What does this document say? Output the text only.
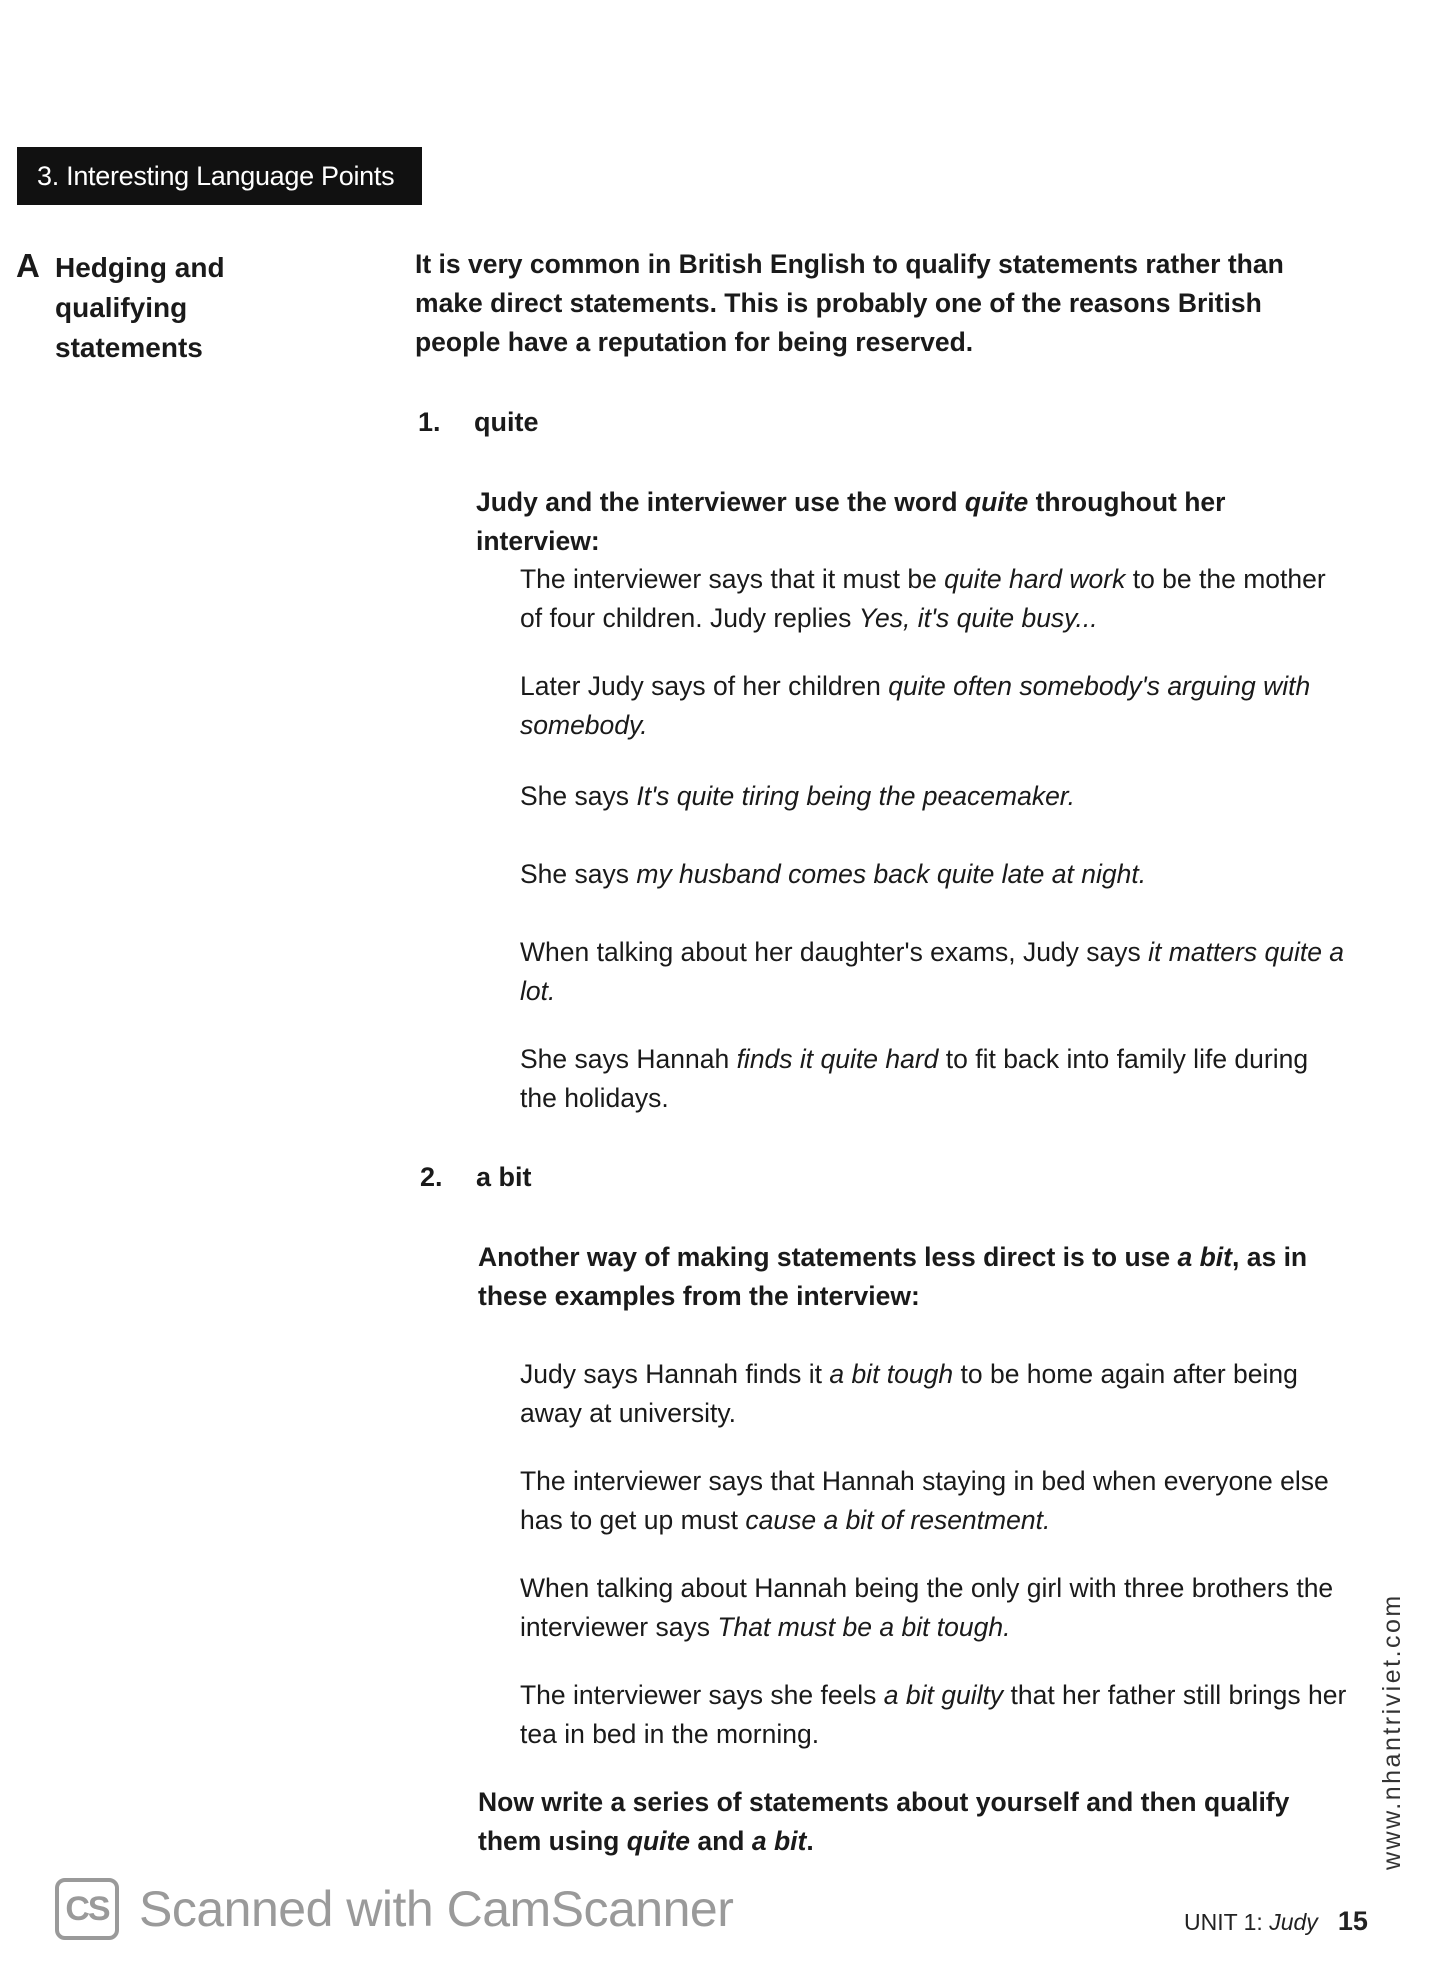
3. Interesting Language Points
A Hedging and
qualifying
statements

It is very common in British English to qualify statements rather than make direct statements. This is probably one of the reasons British people have a reputation for being reserved.

1. quite

Judy and the interviewer use the word quite throughout her interview:

The interviewer says that it must be quite hard work to be the mother of four children. Judy replies Yes, it's quite busy...

Later Judy says of her children quite often somebody's arguing with somebody.

She says It's quite tiring being the peacemaker.

She says my husband comes back quite late at night.

When talking about her daughter's exams, Judy says it matters quite a lot.

She says Hannah finds it quite hard to fit back into family life during the holidays.

2. a bit

Another way of making statements less direct is to use a bit, as in these examples from the interview:

Judy says Hannah finds it a bit tough to be home again after being away at university.

The interviewer says that Hannah staying in bed when everyone else has to get up must cause a bit of resentment.

When talking about Hannah being the only girl with three brothers the interviewer says That must be a bit tough.

The interviewer says she feels a bit guilty that her father still brings her tea in bed in the morning.

Now write a series of statements about yourself and then qualify them using quite and a bit.

CS Scanned with CamScanner
www.nhantriviet.com
UNIT 1: Judy 15
